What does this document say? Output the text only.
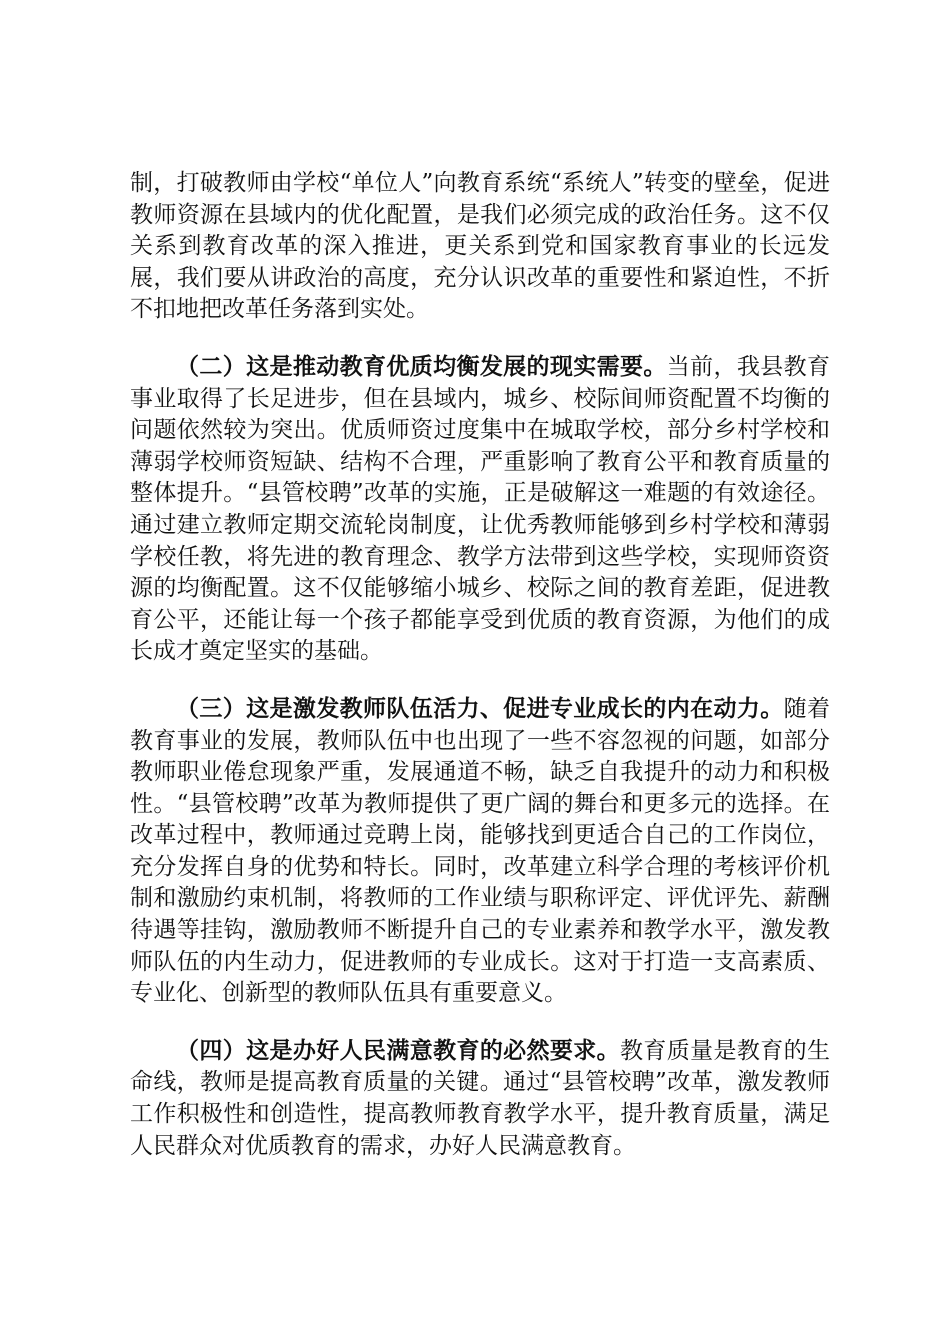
制，打破教师由学校“单位人”向教育系统“系统人”转变的壁垒，促进教师资源在县域内的优化配置，是我们必须完成的政治任务。这不仅关系到教育改革的深入推进，更关系到党和国家教育事业的长远发展，我们要从讲政治的高度，充分认识改革的重要性和紧迫性，不折不扣地把改革任务落到实处。

（二）这是推动教育优质均衡发展的现实需要。当前，我县教育事业取得了长足进步，但在县域内，城乡、校际间师资配置不均衡的问题依然较为突出。优质师资过度集中在城取学校，部分乡村学校和薄弱学校师资短缺、结构不合理，严重影响了教育公平和教育质量的整体提升。“县管校聘”改革的实施，正是破解这一难题的有效途径。通过建立教师定期交流轮岗制度，让优秀教师能够到乡村学校和薄弱学校任教，将先进的教育理念、教学方法带到这些学校，实现师资资源的均衡配置。这不仅能够缩小城乡、校际之间的教育差距，促进教育公平，还能让每一个孩子都能享受到优质的教育资源，为他们的成长成才奠定坚实的基础。

（三）这是激发教师队伍活力、促进专业成长的内在动力。随着教育事业的发展，教师队伍中也出现了一些不容忽视的问题，如部分教师职业倦怠现象严重，发展通道不畅，缺乏自我提升的动力和积极性。“县管校聘”改革为教师提供了更广阔的舞台和更多元的选择。在改革过程中，教师通过竞聘上岗，能够找到更适合自己的工作岗位，充分发挥自身的优势和特长。同时，改革建立科学合理的考核评价机制和激励约束机制，将教师的工作业绩与职称评定、评优评先、薪酬待遇等挂钩，激励教师不断提升自己的专业素养和教学水平，激发教师队伍的内生动力，促进教师的专业成长。这对于打造一支高素质、专业化、创新型的教师队伍具有重要意义。

（四）这是办好人民满意教育的必然要求。教育质量是教育的生命线，教师是提高教育质量的关键。通过“县管校聘”改革，激发教师工作积极性和创造性，提高教师教育教学水平，提升教育质量，满足人民群众对优质教育的需求，办好人民满意教育。
